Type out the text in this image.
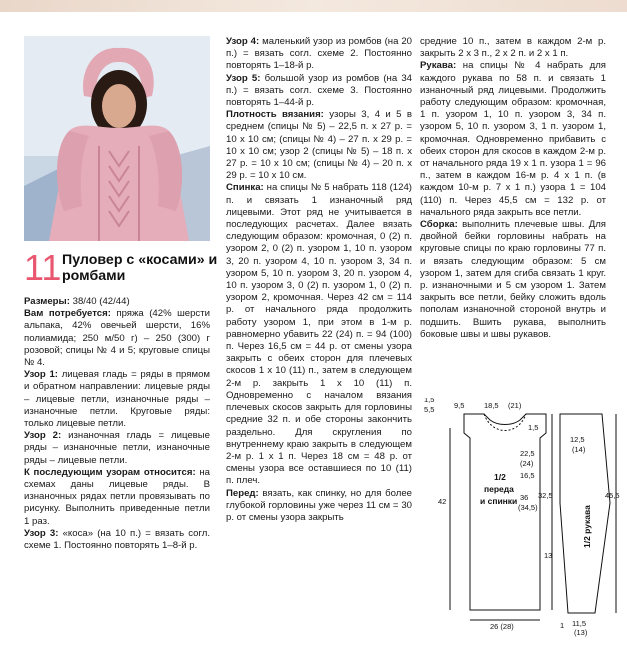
11 Пуловер с «косами» и ромбами

Размеры: 38/40 (42/44)

Вам потребуется: пряжа (42% шерсти альпака, 42% овечьей шерсти, 16% полиамида; 250 м/50 г) – 250 (300) г розовой; спицы № 4 и 5; круговые спицы № 4.

Узор 1: лицевая гладь = ряды в прямом и обратном направлении: лицевые ряды – лицевые петли, изнаночные ряды – изнаночные петли. Круговые ряды: только лицевые петли.

Узор 2: изнаночная гладь = лицевые ряды – изнаночные петли, изнаночные ряды – лицевые петли.

К последующим узорам относится: на схемах даны лицевые ряды. В изнаночных рядах петли провязывать по рисунку. Выполнить приведенные петли 1 раз.

Узор 3: «коса» (на 10 п.) = вязать согл. схеме 1. Постоянно повторять 1–8-й р.

Узор 4: маленький узор из ромбов (на 20 п.) = вязать согл. схеме 2. Постоянно повторять 1–18-й р.

Узор 5: большой узор из ромбов (на 34 п.) = вязать согл. схеме 3. Постоянно повторять 1–44-й р.

Плотность вязания: узоры 3, 4 и 5 в среднем (спицы № 5) – 22,5 п. x 27 р. = 10 x 10 см; (спицы № 4) – 27 п. x 29 р. = 10 x 10 см; узор 2 (спицы № 5) – 18 п. x 27 р. = 10 x 10 см; (спицы № 4) – 20 п. x 29 р. = 10 x 10 см.

Спинка: на спицы № 5 набрать 118 (124) п. и связать 1 изнаночный ряд лицевыми. Этот ряд не учитывается в последующих расчетах. Далее вязать следующим образом: кромочная, 0 (2) п. узором 2, 0 (2) п. узором 1, 10 п. узором 3, 20 п. узором 4, 10 п. узором 3, 34 п. узором 5, 10 п. узором 3, 20 п. узором 4, 10 п. узором 3, 0 (2) п. узором 1, 0 (2) п. узором 2, кромочная. Через 42 см = 114 р. от начального ряда продолжить работу узором 1, при этом в 1-м р. равномерно убавить 22 (24) п. = 94 (100) п. Через 16,5 см = 44 р. от смены узора закрыть с обеих сторон для плечевых скосов 1 x 10 (11) п., затем в следующем 2-м р. закрыть 1 x 10 (11) п. Одновременно с началом вязания плечевых скосов закрыть для горловины средние 32 п. и обе стороны закончить раздельно. Для скругления по внутреннему краю закрыть в следующем 2-м р. 1 x 1 п. Через 18 см = 48 р. от смены узора все оставшиеся по 10 (11) п. плеч.

Перед: вязать, как спинку, но для более глубокой горловины уже через 11 см = 30 р. от смены узора закрыть

средние 10 п., затем в каждом 2-м р. закрыть 2 x 3 п., 2 x 2 п. и 2 x 1 п.

Рукава: на спицы № 4 набрать для каждого рукава по 58 п. и связать 1 изнаночный ряд лицевыми. Продолжить работу следующим образом: кромочная, 1 п. узором 1, 10 п. узором 3, 34 п. узором 5, 10 п. узором 3, 1 п. узором 1, кромочная. Одновременно прибавить с обеих сторон для скосов в каждом 2-м р. от начального ряда 19 x 1 п. узора 1 = 96 п., затем в каждом 16-м р. 4 x 1 п. (в каждом 10-м р. 7 x 1 п.) узора 1 = 104 (110) п. Через 45,5 см = 132 р. от начального ряда закрыть все петли.

Сборка: выполнить плечевые швы. Для двойной бейки горловины набрать на круговые спицы по краю горловины 77 п. и вязать следующим образом: 5 см узором 1, затем для сгиба связать 1 круг. р. изнаночными и 5 см узором 1. Затем закрыть все петли, бейку сложить вдоль пополам изнаночной стороной внутрь и подшить. Вшить рукава, выполнить боковые швы и швы рукавов.

1,5
5,5	9,5	18,5 (21)
1,5
22,5
(24)
42
16,5
36
(34,5)
26 (28)
1/2
переда
и спинки
12,5
(14)
32,5	45,5
13
11,5
(13)
1
1/2 рукава
